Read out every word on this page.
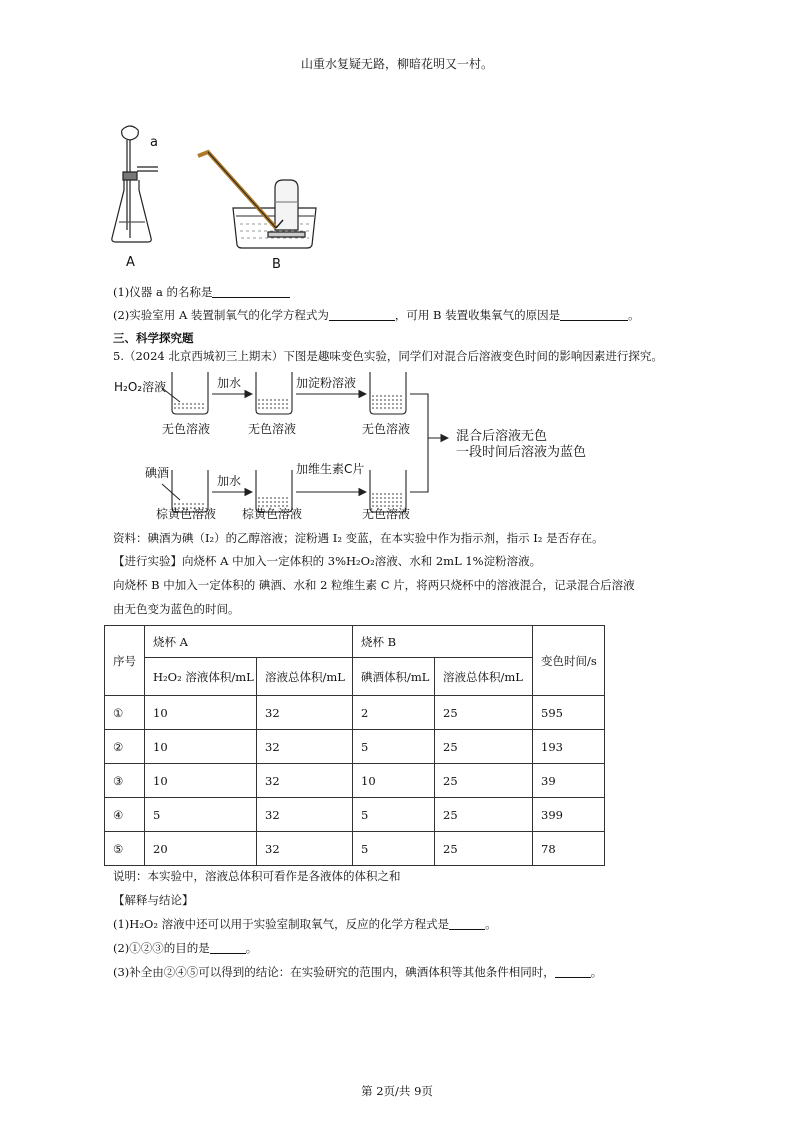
山重水复疑无路，柳暗花明又一村。
a
A	B
(1)仪器 a 的名称是
(2)实验室用 A 装置制氧气的化学方程式为	，可用 B 装置收集氧气的原因是	。
三、科学探究题
5.（2024 北京西城初三上期末）下图是趣味变色实验，同学们对混合后溶液变色时间的影响因素进行探究。
H₂O₂溶液	加水	加淀粉溶液
无色溶液	无色溶液	无色溶液
碘酒
加水
加维生素C片
棕黄色溶液 棕黄色溶液	无色溶液
混合后溶液无色
一段时间后溶液为蓝色
资料：碘酒为碘（I₂）的乙醇溶液；淀粉遇 I₂ 变蓝，在本实验中作为指示剂，指示 I₂ 是否存在。
【进行实验】向烧杯 A 中加入一定体积的 3%H₂O₂溶液、水和 2mL 1%淀粉溶液。
向烧杯 B 中加入一定体积的 碘酒、水和 2 粒维生素 C 片，将两只烧杯中的溶液混合，记录混合后溶液
由无色变为蓝色的时间。
序号	烧杯 A		烧杯 B		变色时间/s
	H₂O₂ 溶液体积/mL	溶液总体积/mL	碘酒体积/mL	溶液总体积/mL	
①	10	32	2	25	595
②	10	32	5	25	193
③	10	32	10	25	39
④	5	32	5	25	399
⑤	20	32	5	25	78
说明：本实验中，溶液总体积可看作是各液体的体积之和
【解释与结论】
(1)H₂O₂ 溶液中还可以用于实验室制取氧气，反应的化学方程式是	。
(2)①②③的目的是	。
(3)补全由②④⑤可以得到的结论：在实验研究的范围内，碘酒体积等其他条件相同时，	。
第 2页/共 9页
